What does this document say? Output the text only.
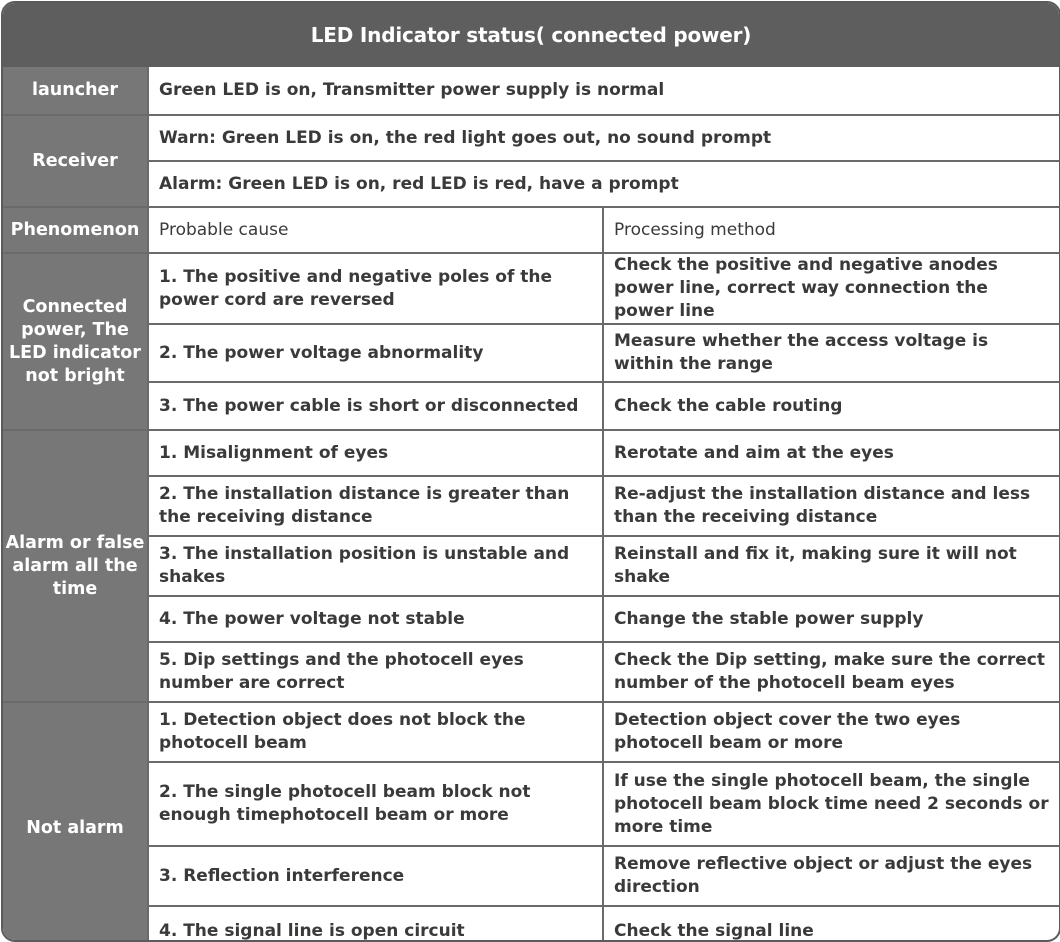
LED Indicator status( connected power)
launcher	Green LED is on, Transmitter power supply is normal	
Receiver	Warn: Green LED is on, the red light goes out, no sound prompt	
	Alarm: Green LED is on, red LED is red, have a prompt	
Phenomenon	Probable cause	Processing method
Connected power, The LED indicator not bright	1. The positive and negative poles of the power cord are reversed	Check the positive and negative anodes power line, correct way connection the power line
	2. The power voltage abnormality	Measure whether the access voltage is within the range
	3. The power cable is short or disconnected	Check the cable routing
Alarm or false alarm all the time	1. Misalignment of eyes	Rerotate and aim at the eyes
	2. The installation distance is greater than the receiving distance	Re-adjust the installation distance and less than the receiving distance
	3. The installation position is unstable and shakes	Reinstall and fix it, making sure it will not shake
	4. The power voltage not stable	Change the stable power supply
	5. Dip settings and the photocell eyes number are correct	Check the Dip setting, make sure the correct number of the photocell beam eyes
Not alarm	1. Detection object does not block the photocell beam	Detection object cover the two eyes photocell beam or more
	2. The single photocell beam block not enough timephotocell beam or more	If use the single photocell beam, the single photocell beam block time need 2 seconds or more time
	3. Reflection interference	Remove reflective object or adjust the eyes direction
	4. The signal line is open circuit	Check the signal line
